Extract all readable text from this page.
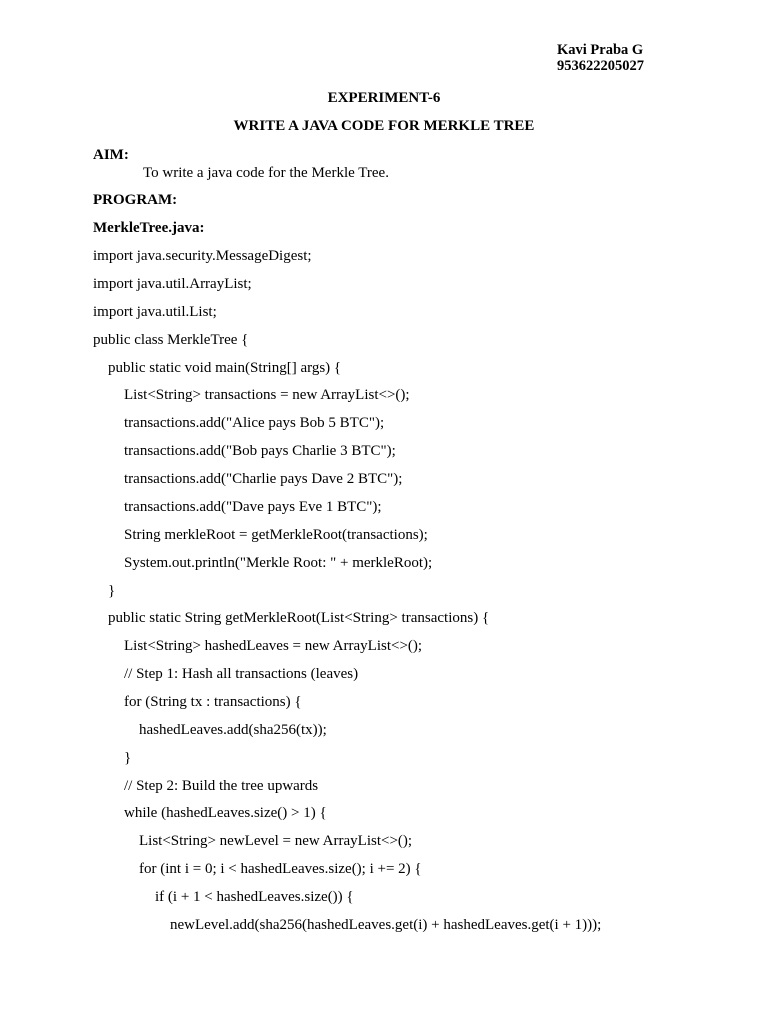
Kavi Praba G
953622205027
EXPERIMENT-6
WRITE A JAVA CODE FOR MERKLE TREE
AIM:
To write a java code for the Merkle Tree.
PROGRAM:
MerkleTree.java:
import java.security.MessageDigest;
import java.util.ArrayList;
import java.util.List;
public class MerkleTree {
public static void main(String[] args) {
List<String> transactions = new ArrayList<>();
transactions.add("Alice pays Bob 5 BTC");
transactions.add("Bob pays Charlie 3 BTC");
transactions.add("Charlie pays Dave 2 BTC");
transactions.add("Dave pays Eve 1 BTC");
String merkleRoot = getMerkleRoot(transactions);
System.out.println("Merkle Root: " + merkleRoot);
}
public static String getMerkleRoot(List<String> transactions) {
List<String> hashedLeaves = new ArrayList<>();
// Step 1: Hash all transactions (leaves)
for (String tx : transactions) {
hashedLeaves.add(sha256(tx));
}
// Step 2: Build the tree upwards
while (hashedLeaves.size() > 1) {
List<String> newLevel = new ArrayList<>();
for (int i = 0; i < hashedLeaves.size(); i += 2) {
if (i + 1 < hashedLeaves.size()) {
newLevel.add(sha256(hashedLeaves.get(i) + hashedLeaves.get(i + 1)));
